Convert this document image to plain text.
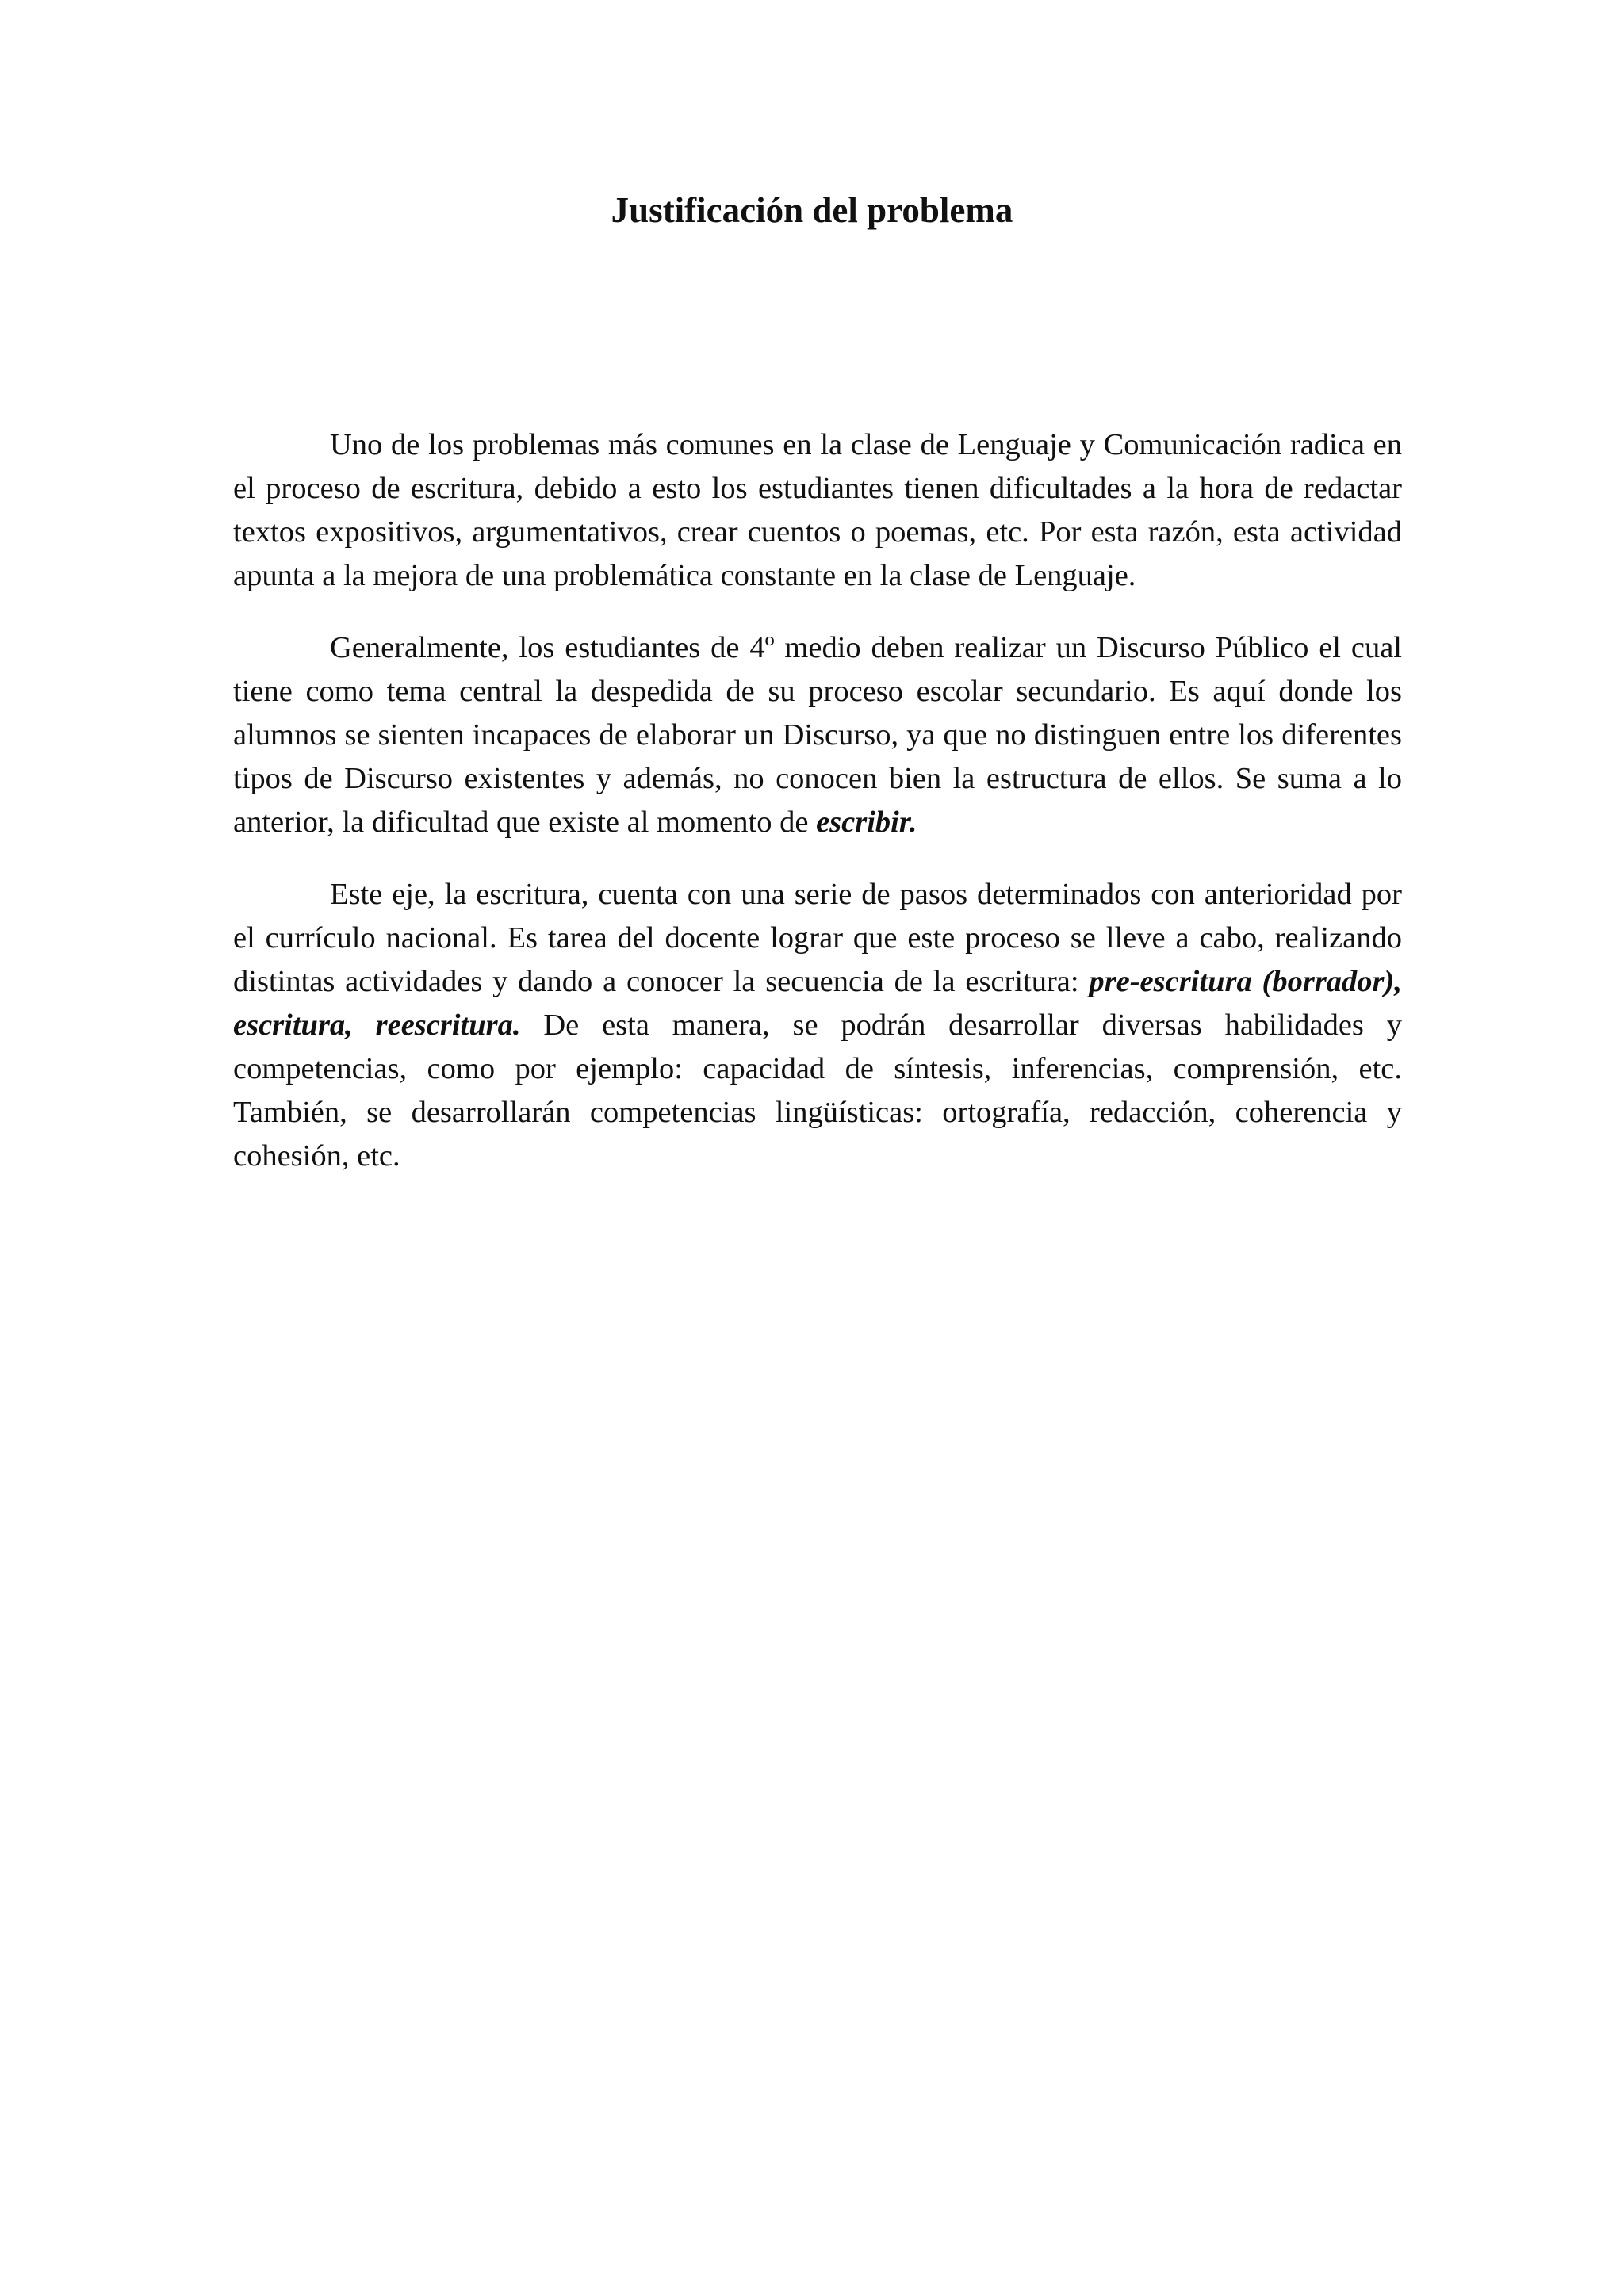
Justificación del problema

Uno de los problemas más comunes en la clase de Lenguaje y Comunicación radica en el proceso de escritura, debido a esto los estudiantes tienen dificultades a la hora de redactar textos expositivos, argumentativos, crear cuentos o poemas, etc. Por esta razón, esta actividad apunta a la mejora de una problemática constante en la clase de Lenguaje.

Generalmente, los estudiantes de 4º medio deben realizar un Discurso Público el cual tiene como tema central la despedida de su proceso escolar secundario. Es aquí donde los alumnos se sienten incapaces de elaborar un Discurso, ya que no distinguen entre los diferentes tipos de Discurso existentes y además, no conocen bien la estructura de ellos. Se suma a lo anterior, la dificultad que existe al momento de escribir.

Este eje, la escritura, cuenta con una serie de pasos determinados con anterioridad por el currículo nacional. Es tarea del docente lograr que este proceso se lleve a cabo, realizando distintas actividades y dando a conocer la secuencia de la escritura: pre-escritura (borrador), escritura, reescritura. De esta manera, se podrán desarrollar diversas habilidades y competencias, como por ejemplo: capacidad de síntesis, inferencias, comprensión, etc. También, se desarrollarán competencias lingüísticas: ortografía, redacción, coherencia y cohesión, etc.
